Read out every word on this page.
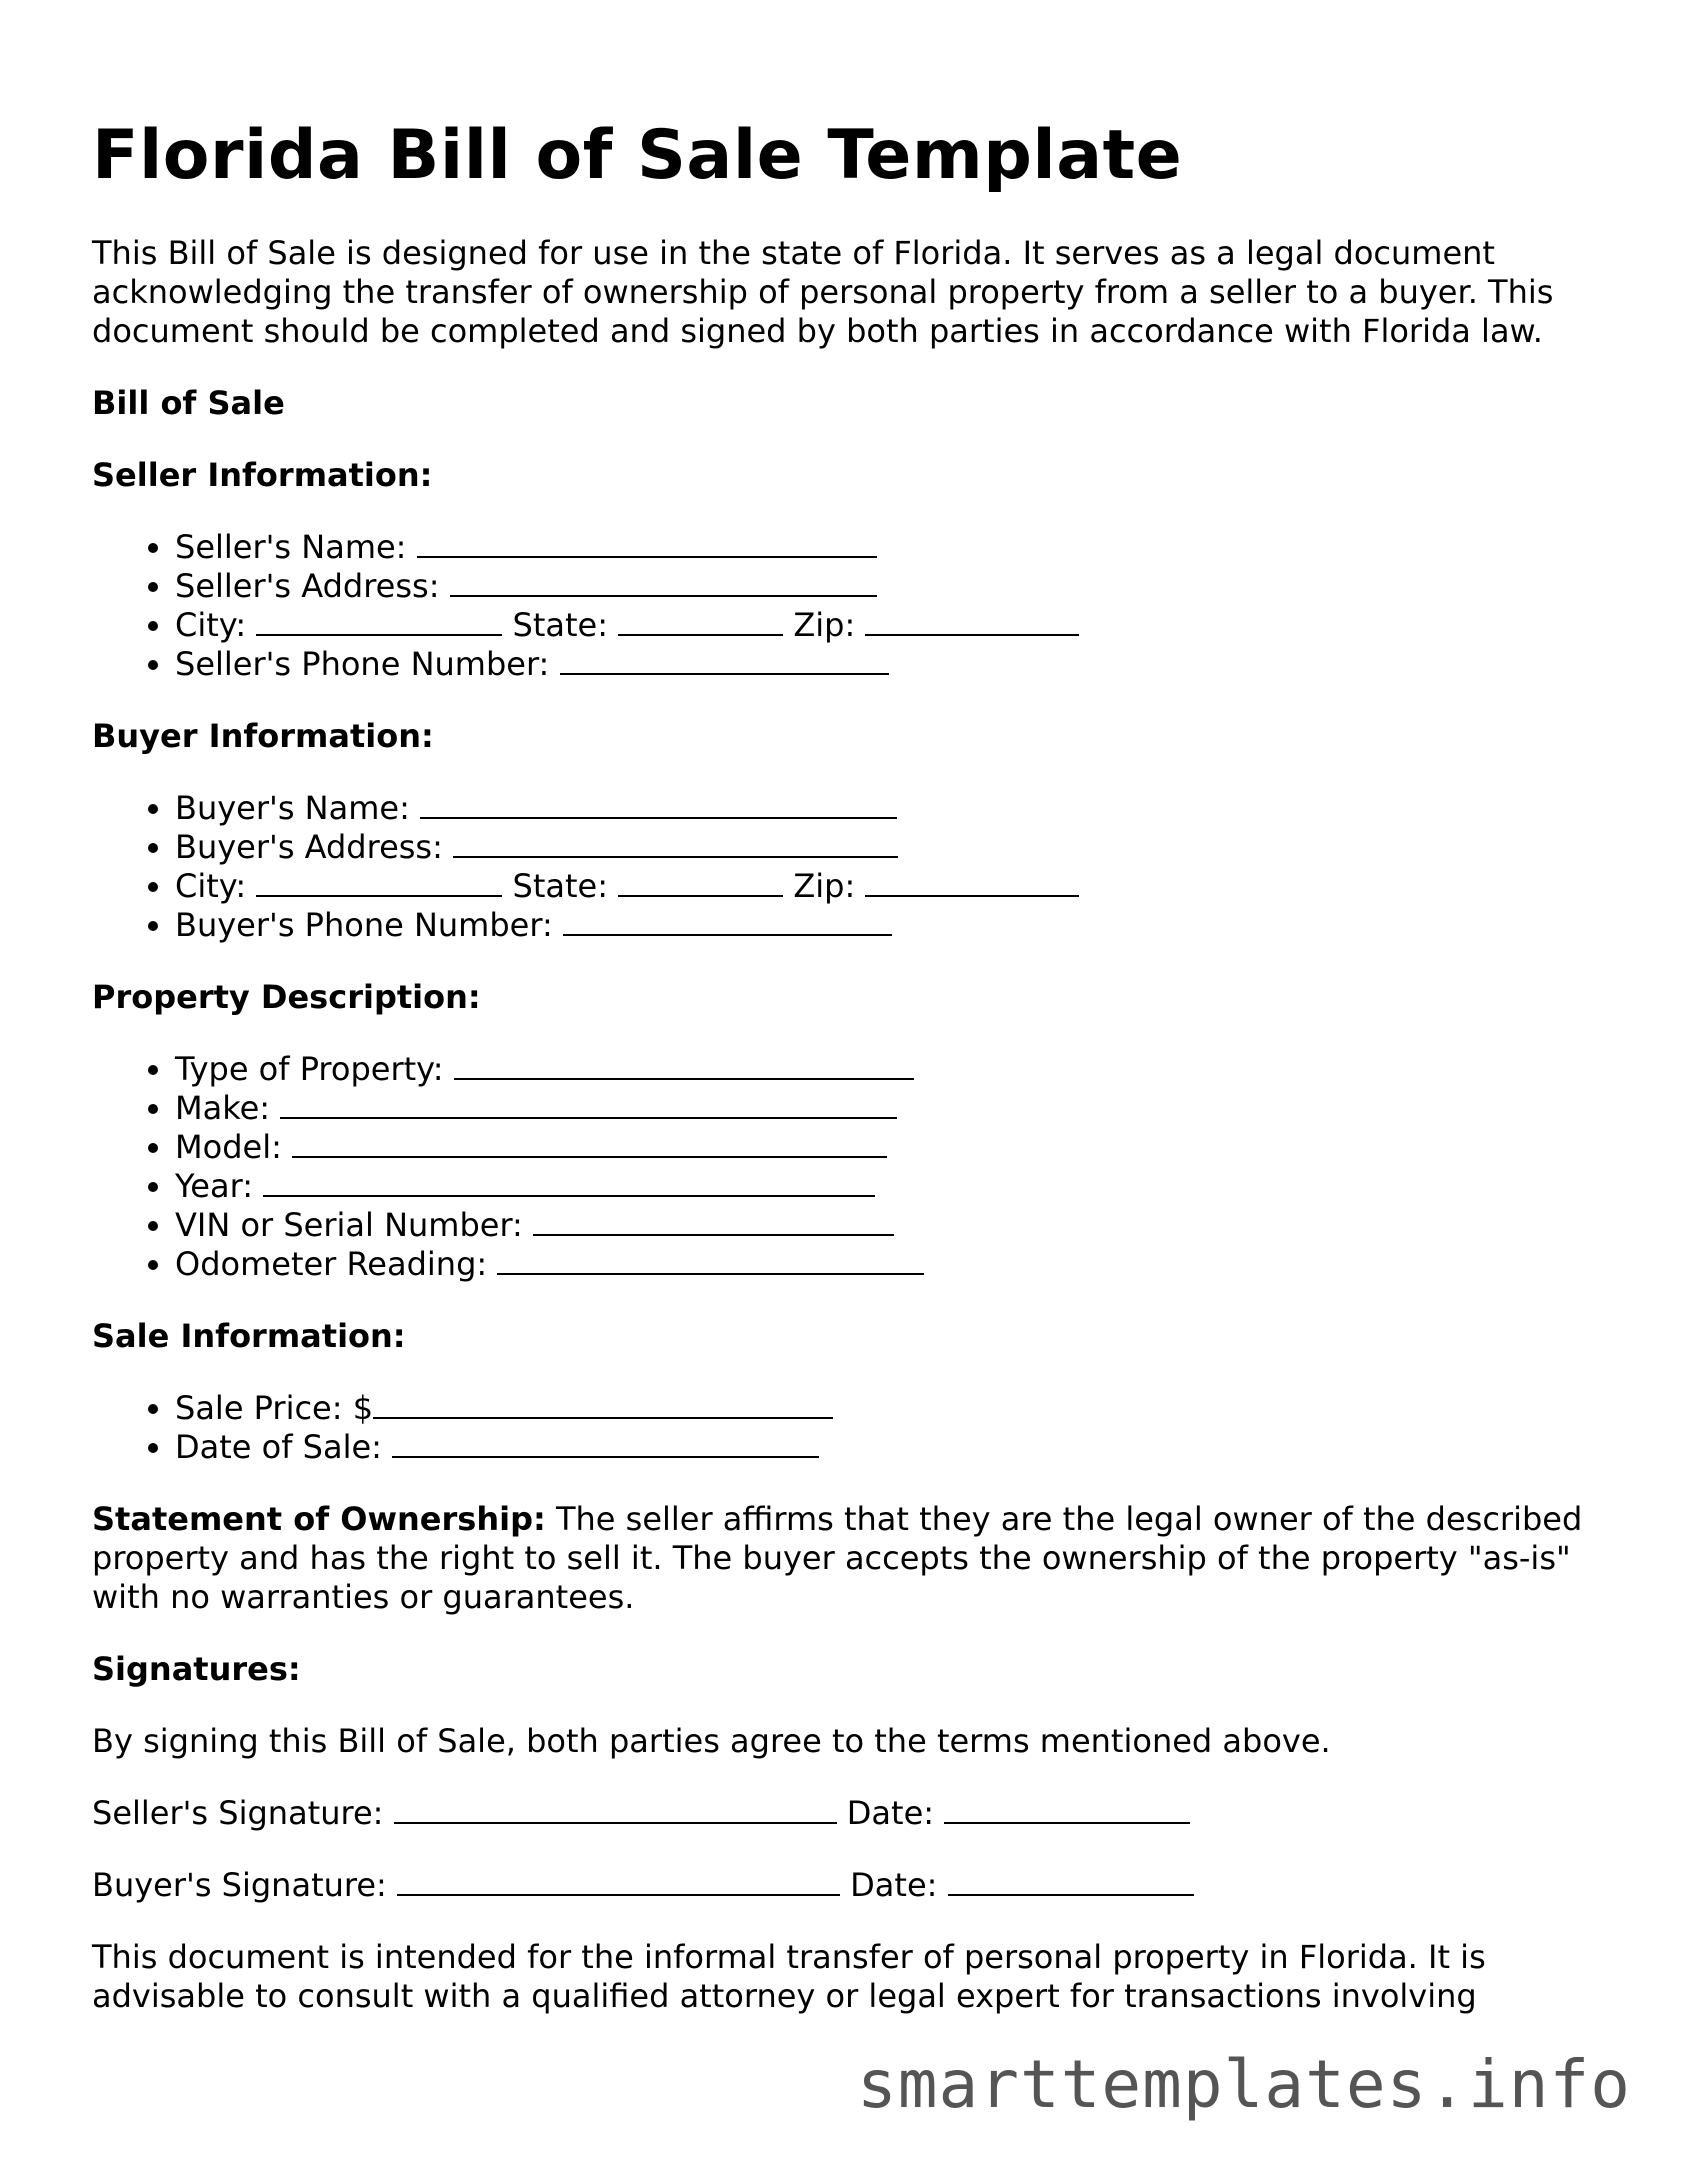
Florida Bill of Sale Template

This Bill of Sale is designed for use in the state of Florida. It serves as a legal document acknowledging the transfer of ownership of personal property from a seller to a buyer. This document should be completed and signed by both parties in accordance with Florida law.

Bill of Sale
Seller Information:
• Seller's Name:
• Seller's Address:
• City:	State:	Zip:
• Seller's Phone Number:
Buyer Information:
• Buyer's Name:
• Buyer's Address:
• City:	State:	Zip:
• Buyer's Phone Number:
Property Description:
• Type of Property:
• Make:
• Model:
• Year:
• VIN or Serial Number:
• Odometer Reading:
Sale Information:
• Sale Price: $
• Date of Sale:

Statement of Ownership: The seller affirms that they are the legal owner of the described property and has the right to sell it. The buyer accepts the ownership of the property "as-is" with no warranties or guarantees.

Signatures:

By signing this Bill of Sale, both parties agree to the terms mentioned above.

Seller's Signature:	Date:
Buyer's Signature:	Date:

This document is intended for the informal transfer of personal property in Florida. It is advisable to consult with a qualified attorney or legal expert for transactions involving

smarttemplates.info
